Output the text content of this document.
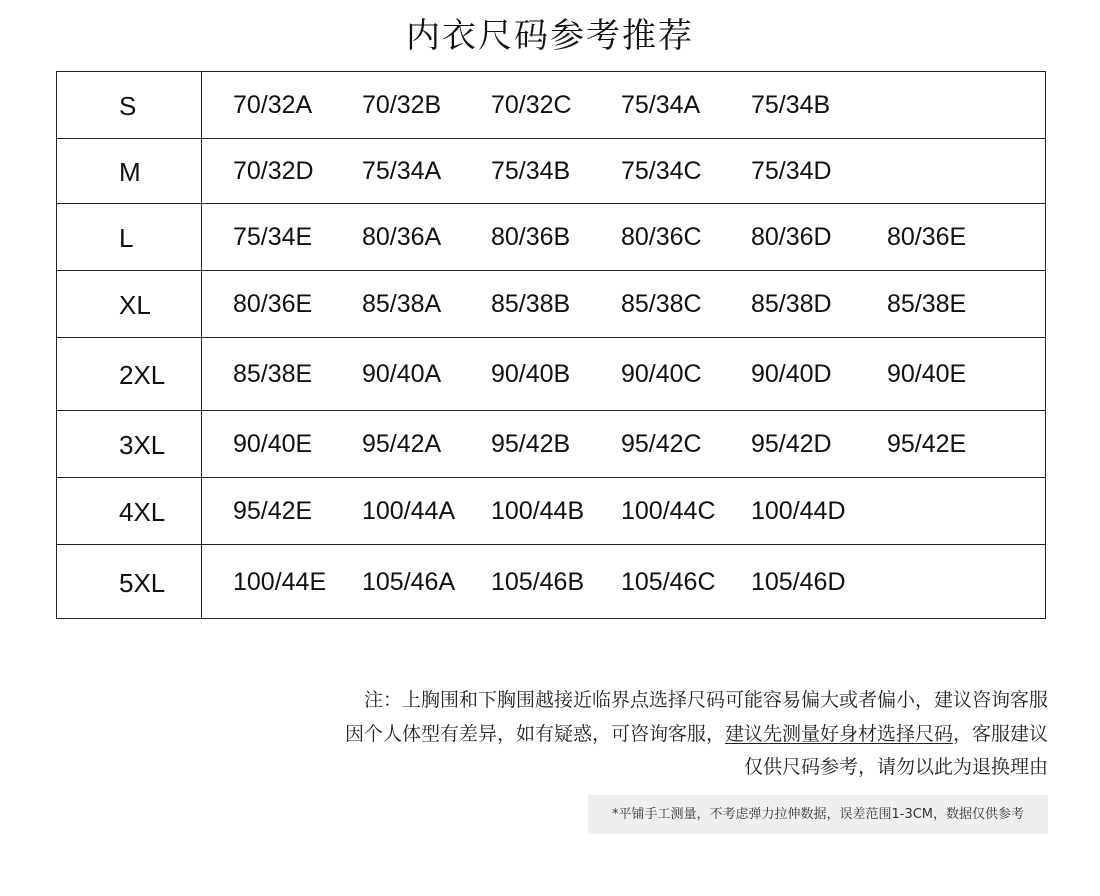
内衣尺码参考推荐
S	70/32A 70/32B 70/32C 75/34A 75/34B
M	70/32D 75/34A 75/34B 75/34C 75/34D
L	75/34E 80/36A 80/36B 80/36C 80/36D 80/36E
XL	80/36E 85/38A 85/38B 85/38C 85/38D 85/38E
2XL	85/38E 90/40A 90/40B 90/40C 90/40D 90/40E
3XL	90/40E 95/42A 95/42B 95/42C 95/42D 95/42E
4XL	95/42E 100/44A 100/44B 100/44C 100/44D
5XL	100/44E 105/46A 105/46B 105/46C 105/46D
注：上胸围和下胸围越接近临界点选择尺码可能容易偏大或者偏小，建议咨询客服
因个人体型有差异，如有疑惑，可咨询客服，建议先测量好身材选择尺码，客服建议
仅供尺码参考，请勿以此为退换理由
*平铺手工测量，不考虑弹力拉伸数据，误差范围1-3CM，数据仅供参考
